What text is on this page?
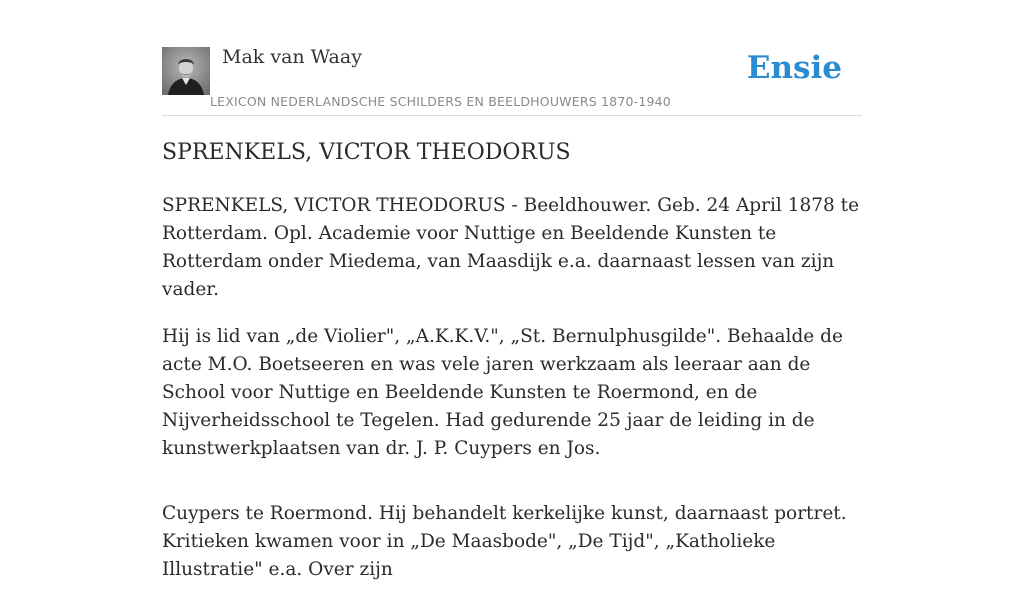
Mak van Waay
LEXICON NEDERLANDSCHE SCHILDERS EN BEELDHOUWERS 1870-1940
Ensie
SPRENKELS, VICTOR THEODORUS

SPRENKELS, VICTOR THEODORUS - Beeldhouwer. Geb. 24 April 1878 te Rotterdam. Opl. Academie voor Nuttige en Beeldende Kunsten te Rotterdam onder Miedema, van Maasdijk e.a. daarnaast lessen van zijn vader.

Hij is lid van „de Violier", „A.K.K.V.", „St. Bernulphusgilde". Behaalde de acte M.O. Boetseeren en was vele jaren werkzaam als leeraar aan de School voor Nuttige en Beeldende Kunsten te Roermond, en de Nijverheidsschool te Tegelen. Had gedurende 25 jaar de leiding in de kunstwerkplaatsen van dr. J. P. Cuypers en Jos.

Cuypers te Roermond. Hij behandelt kerkelijke kunst, daarnaast portret. Kritieken kwamen voor in „De Maasbode", „De Tijd", „Katholieke Illustratie" e.a. Over zijn
